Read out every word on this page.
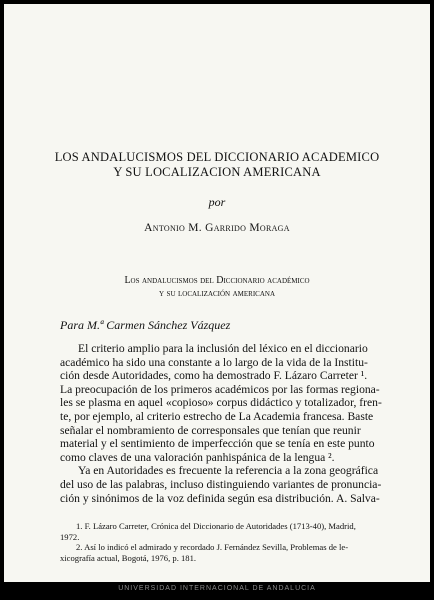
LOS ANDALUCISMOS DEL DICCIONARIO ACADEMICO
Y SU LOCALIZACION AMERICANA
por
Antonio M. Garrido Moraga
Los andalucismos del Diccionario académico
y su localización americana
Para M.ª Carmen Sánchez Vázquez
El criterio amplio para la inclusión del léxico en el diccionario
académico ha sido una constante a lo largo de la vida de la Institu-
ción desde Autoridades, como ha demostrado F. Lázaro Carreter ¹.
La preocupación de los primeros académicos por las formas regiona-
les se plasma en aquel «copioso» corpus didáctico y totalizador, fren-
te, por ejemplo, al criterio estrecho de La Academia francesa. Baste
señalar el nombramiento de corresponsales que tenían que reunir
material y el sentimiento de imperfección que se tenía en este punto
como claves de una valoración panhispánica de la lengua ².
Ya en Autoridades es frecuente la referencia a la zona geográfica
del uso de las palabras, incluso distinguiendo variantes de pronuncia-
ción y sinónimos de la voz definida según esa distribución. A. Salva-
1. F. Lázaro Carreter, Crónica del Diccionario de Autoridades (1713-40), Madrid,
1972.
2. Así lo indicó el admirado y recordado J. Fernández Sevilla, Problemas de le-
xicografía actual, Bogotá, 1976, p. 181.
UNIVERSIDAD INTERNACIONAL DE ANDALUCIA
